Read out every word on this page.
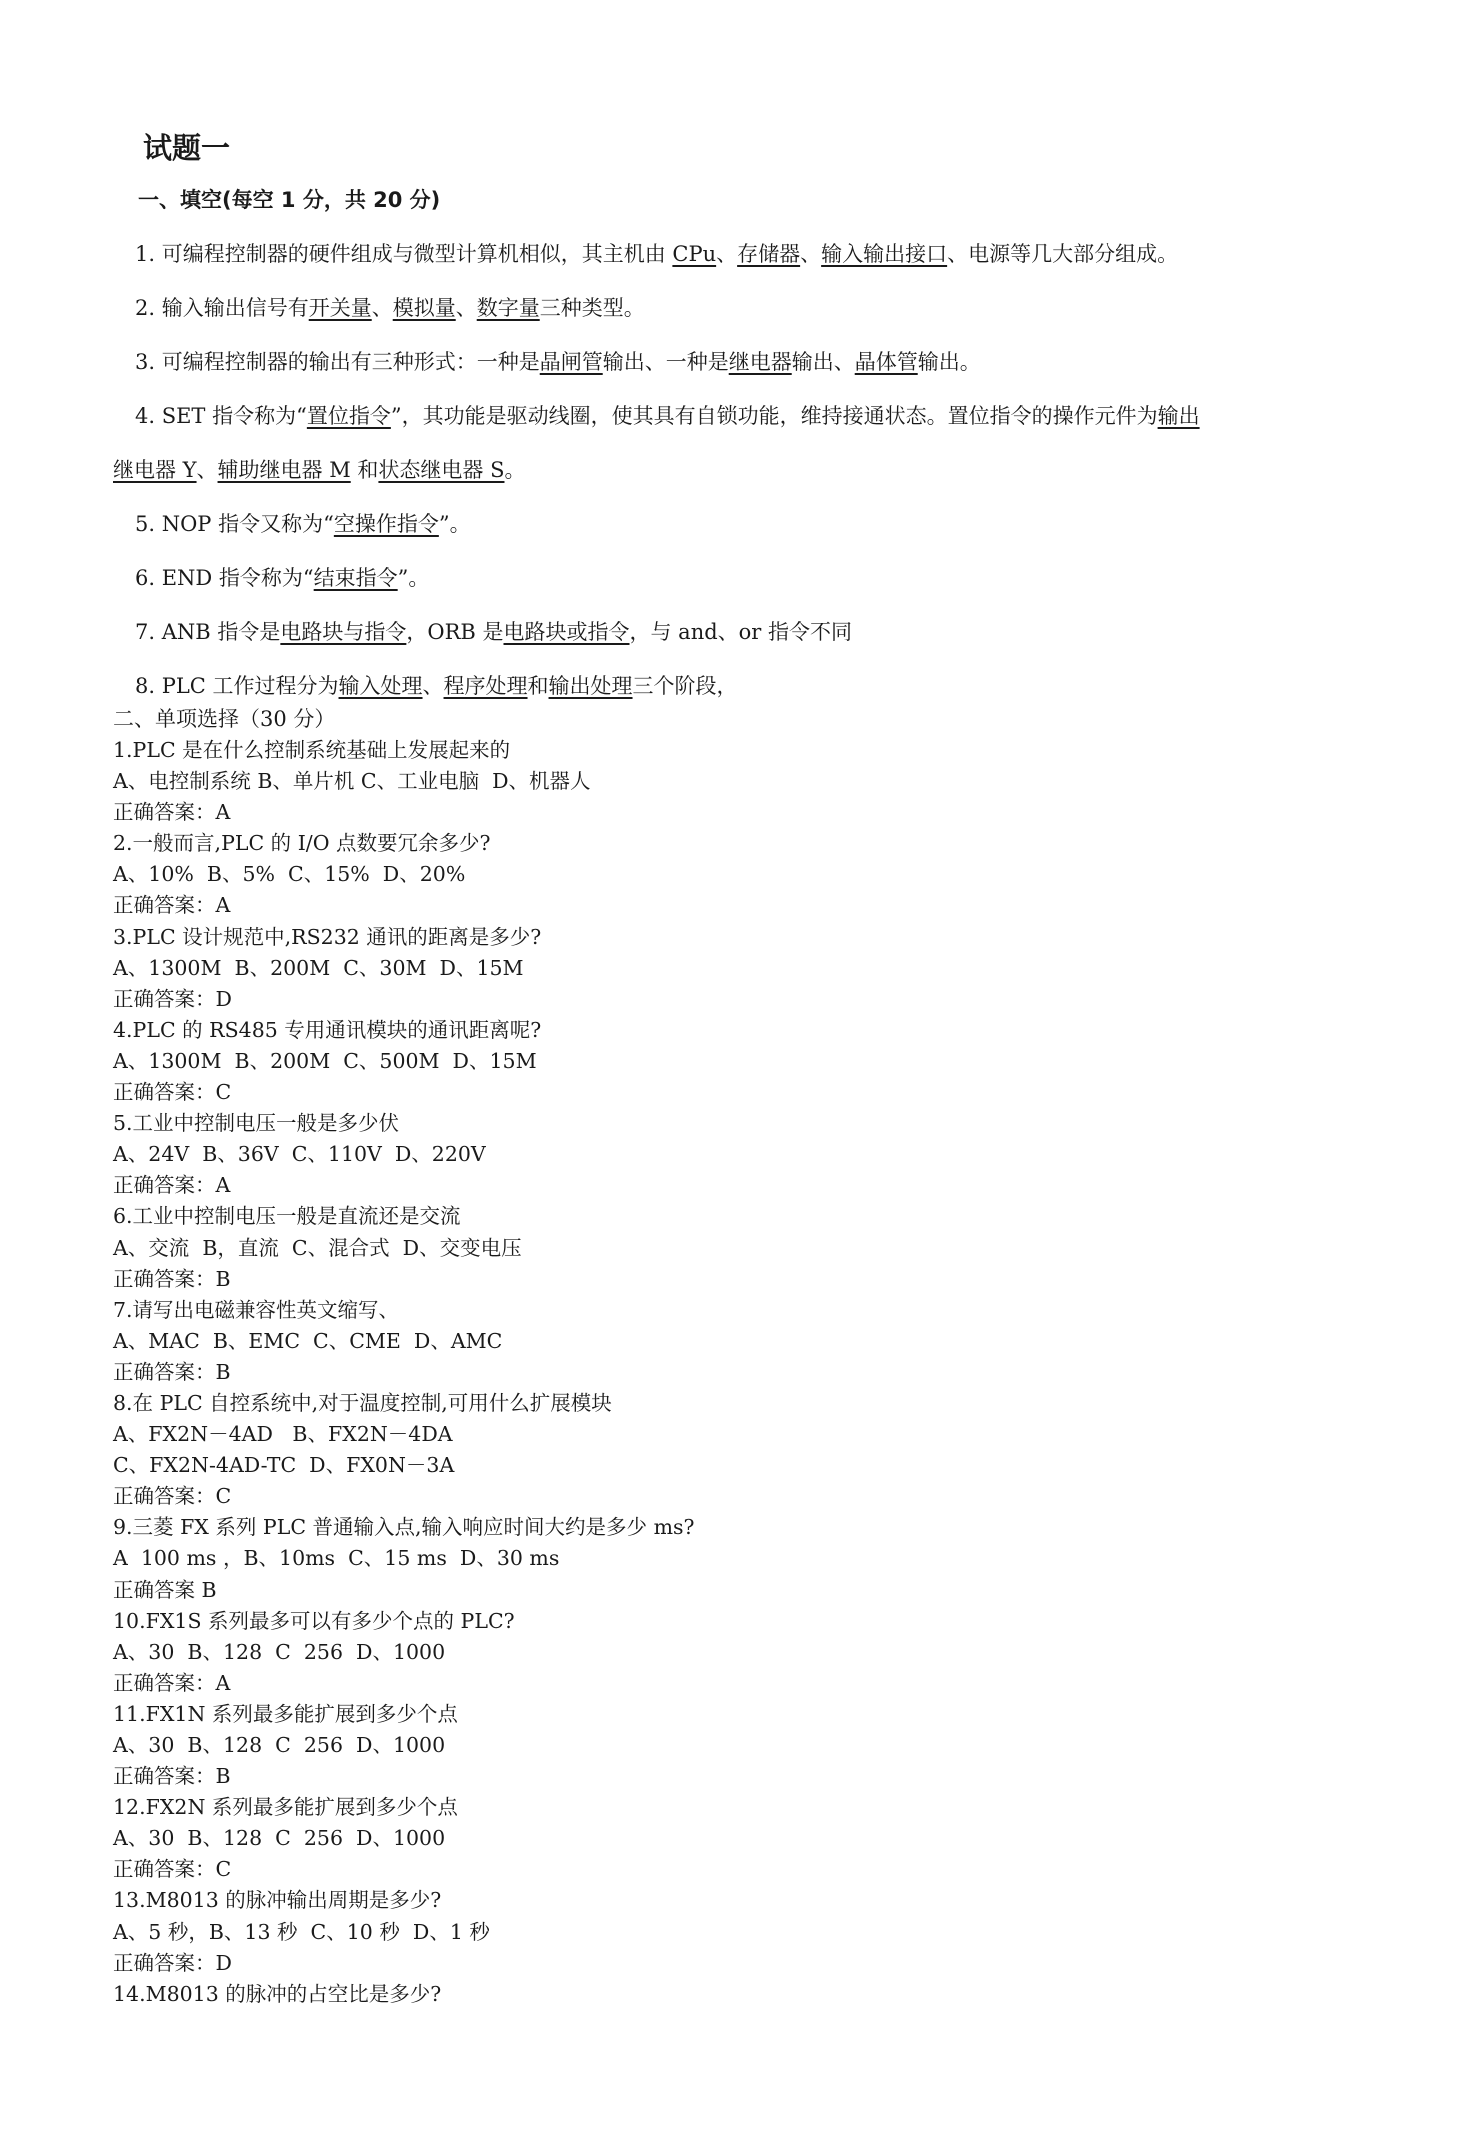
试题一
一、填空(每空 1 分，共 20 分)
1. 可编程控制器的硬件组成与微型计算机相似，其主机由 CPu、存储器、输入输出接口、电源等几大部分组成。
2. 输入输出信号有开关量、模拟量、数字量三种类型。
3. 可编程控制器的输出有三种形式：一种是晶闸管输出、一种是继电器输出、晶体管输出。
4. SET 指令称为“置位指令”，其功能是驱动线圈，使其具有自锁功能，维持接通状态。置位指令的操作元件为输出
继电器 Y、辅助继电器 M 和状态继电器 S。
5. NOP 指令又称为“空操作指令”。
6. END 指令称为“结束指令”。
7. ANB 指令是电路块与指令，ORB 是电路块或指令，与 and、or 指令不同
8. PLC 工作过程分为输入处理、程序处理和输出处理三个阶段，
二、单项选择（30 分）
1.PLC 是在什么控制系统基础上发展起来的
A、电控制系统 B、单片机 C、工业电脑  D、机器人
正确答案：A
2.一般而言,PLC 的 I/O 点数要冗余多少?
A、10%  B、5%  C、15%  D、20%
正确答案：A
3.PLC 设计规范中,RS232 通讯的距离是多少?
A、1300M  B、200M  C、30M  D、15M
正确答案：D
4.PLC 的 RS485 专用通讯模块的通讯距离呢?
A、1300M  B、200M  C、500M  D、15M
正确答案：C
5.工业中控制电压一般是多少伏
A、24V  B、36V  C、110V  D、220V
正确答案：A
6.工业中控制电压一般是直流还是交流
A、交流  B，直流  C、混合式  D、交变电压
正确答案：B
7.请写出电磁兼容性英文缩写、
A、MAC  B、EMC  C、CME  D、AMC
正确答案：B
8.在 PLC 自控系统中,对于温度控制,可用什么扩展模块
A、FX2N－4AD   B、FX2N－4DA
C、FX2N-4AD-TC  D、FX0N－3A
正确答案：C
9.三菱 FX 系列 PLC 普通输入点,输入响应时间大约是多少 ms?
A  100 ms ，B、10ms  C、15 ms  D、30 ms
正确答案 B
10.FX1S 系列最多可以有多少个点的 PLC?
A、30  B、128  C  256  D、1000
正确答案：A
11.FX1N 系列最多能扩展到多少个点
A、30  B、128  C  256  D、1000
正确答案：B
12.FX2N 系列最多能扩展到多少个点
A、30  B、128  C  256  D、1000
正确答案：C
13.M8013 的脉冲输出周期是多少?
A、5 秒，B、13 秒  C、10 秒  D、1 秒
正确答案：D
14.M8013 的脉冲的占空比是多少?
